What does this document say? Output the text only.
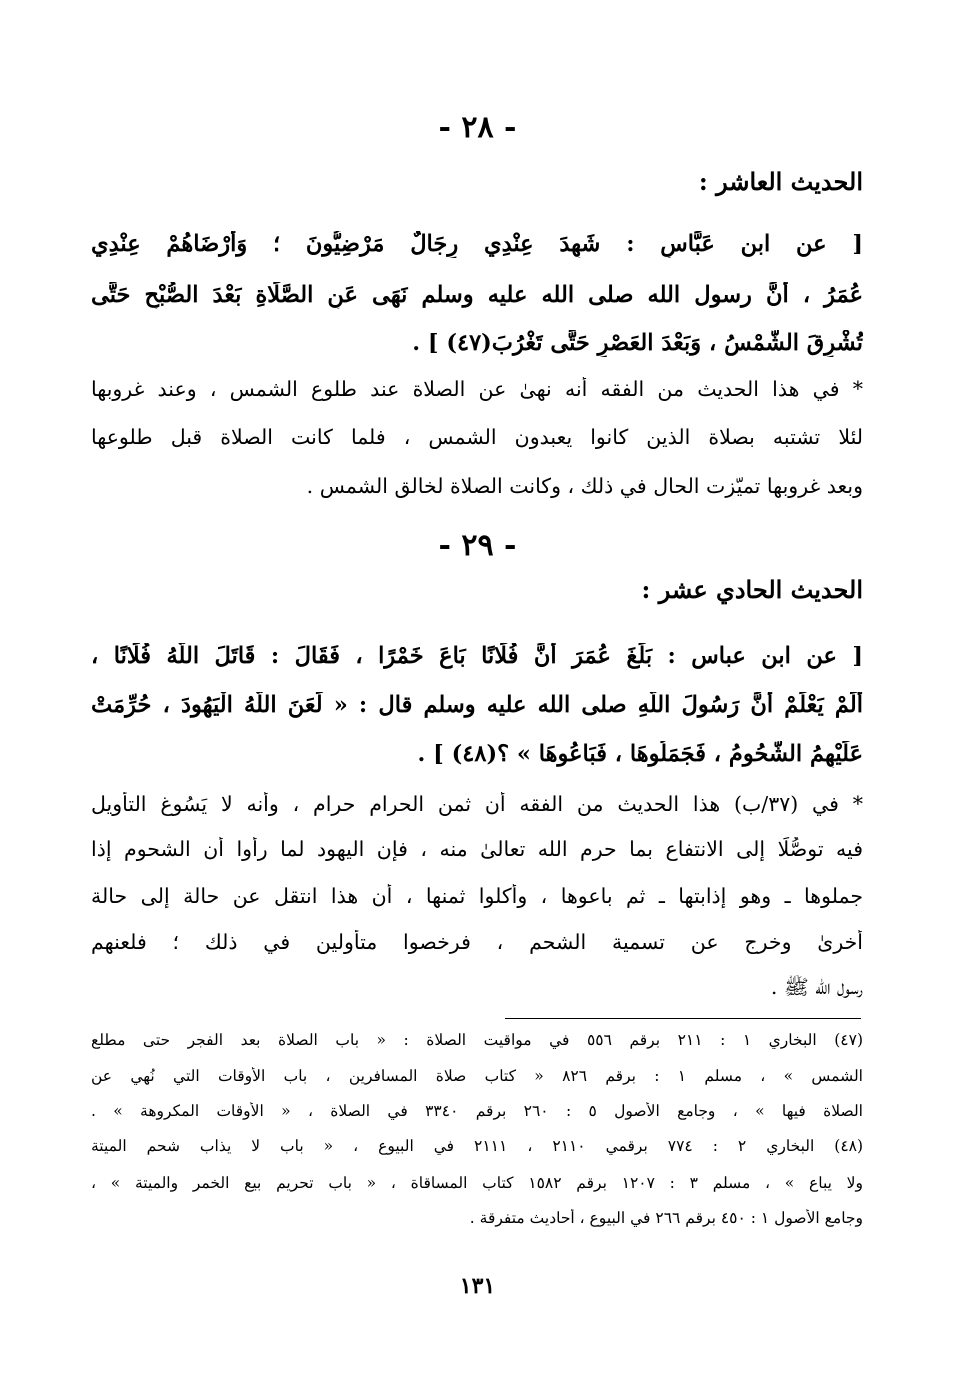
- ٢٨ -
الحديث العاشر :
[ عن ابن عَبَّاسٍ : شَهِدَ عِنْدِي رِجَالٌ مَرْضِيُّونَ ؛ وَأَرْضَاهُمْ عِنْدِي
عُمَرُ ، أَنَّ رسول الله صلى الله عليه وسلم نَهَى عَنِ الصَّلَاةِ بَعْدَ الصُّبْحِ حَتَّى
تُشْرِقَ الشَّمْسُ ، وَبَعْدَ العَصْرِ حَتَّى تَغْرُبَ(٤٧) ] .
* في هذا الحديث من الفقه أنه نهىٰ عن الصلاة عند طلوع الشمس ، وعند غروبها
لئلا تشتبه بصلاة الذين كانوا يعبدون الشمس ، فلما كانت الصلاة قبل طلوعها
وبعد غروبها تميّزت الحال في ذلك ، وكانت الصلاة لخالق الشمس .
- ٢٩ -
الحديث الحادي عشر :
[ عن ابن عباس : بَلَغَ عُمَرَ أَنَّ فُلَانًا بَاعَ خَمْرًا ، فَقَالَ : قَاتَلَ اللَّهُ فُلَانًا ،
أَلَمْ يَعْلَمْ أَنَّ رَسُولَ اللَّهِ صلى الله عليه وسلم قال : « لَعَنَ اللَّهُ الْيَهُودَ ، حُرِّمَتْ
عَلَيْهِمُ الشُّحُومُ ، فَجَمَلُوهَا ، فَبَاعُوهَا » ؟(٤٨) ] .
* في (٣٧/ب) هذا الحديث من الفقه أن ثمن الحرام حرام ، وأنه لا يَسُوغ التأويل
فيه توصُّلًا إلى الانتفاع بما حرم الله تعالىٰ منه ، فإن اليهود لما رأوا أن الشحوم إذا
جملوها ـ وهو إذابتها ـ ثم باعوها ، وأكلوا ثمنها ، أن هذا انتقل عن حالة إلى حالة
أخرىٰ وخرج عن تسمية الشحم ، فرخصوا متأولين في ذلك ؛ فلعنهم
رسول الله ﷺ .
(٤٧) البخاري ١ : ٢١١ برقم ٥٥٦ في مواقيت الصلاة : « باب الصلاة بعد الفجر حتى مطلع
الشمس » ، مسلم ١ : برقم ٨٢٦ « كتاب صلاة المسافرين ، باب الأوقات التي نُهي عن
الصلاة فيها » ، وجامع الأصول ٥ : ٢٦٠ برقم ٣٣٤٠ في الصلاة ، « الأوقات المكروهة » .
(٤٨) البخاري ٢ : ٧٧٤ برقمي ٢١١٠ ، ٢١١١ في البيوع ، « باب لا يذاب شحم الميتة
ولا يباع » ، مسلم ٣ : ١٢٠٧ برقم ١٥٨٢ كتاب المساقاة ، « باب تحريم بيع الخمر والميتة » ،
وجامع الأصول ١ : ٤٥٠ برقم ٢٦٦ في البيوع ، أحاديث متفرقة .
١٣١
